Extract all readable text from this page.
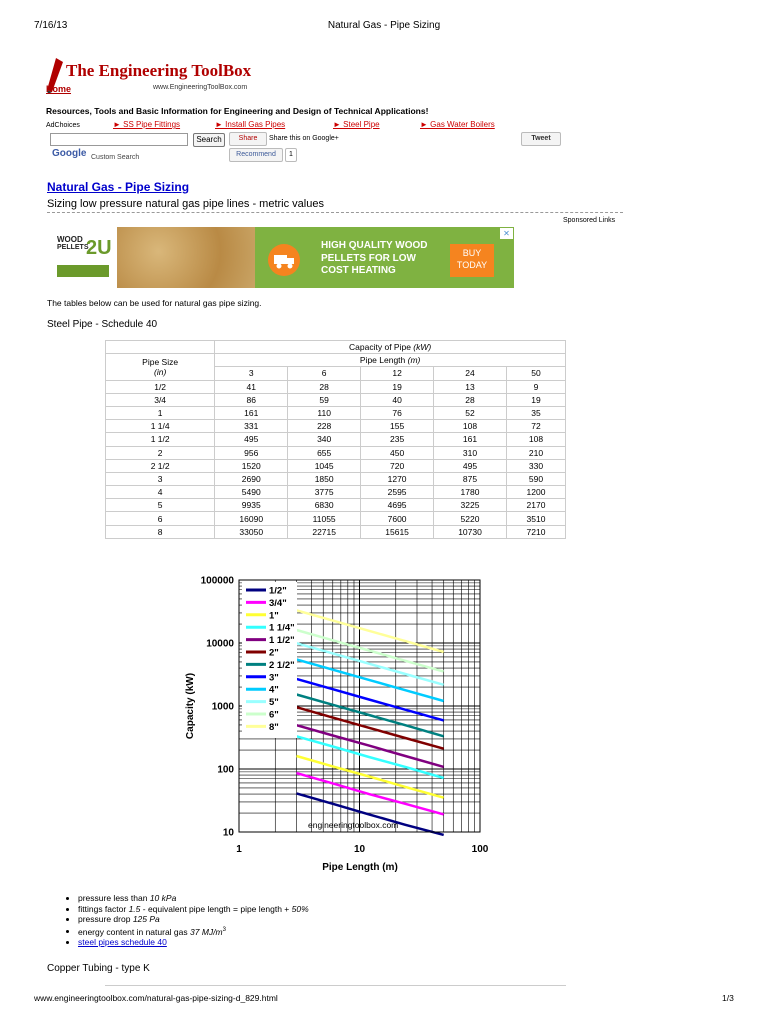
7/16/13	Natural Gas - Pipe Sizing
The Engineering ToolBox
www.EngineeringToolBox.com
Home
Resources, Tools and Basic Information for Engineering and Design of Technical Applications!
AdChoices	► SS Pipe Fittings	► Install Gas Pipes	► Steel Pipe	► Gas Water Boilers
Search
Google Custom Search
Share	Share this on Google+
Recommend	1
Tweet
Natural Gas - Pipe Sizing
Sizing low pressure natural gas pipe lines - metric values
Sponsored Links
WOOD
PELLETS
2U	HIGH QUALITY WOOD
PELLETS FOR LOW
COST HEATING
BUY
TODAY
✕
The tables below can be used for natural gas pipe sizing.
Steel Pipe - Schedule 40
	Capacity of Pipe (kW)				

Pipe Size
(in)	Pipe Length (m)				
	3	6	12	24	50
1/2	41	28	19	13	9
3/4	86	59	40	28	19
1	161	110	76	52	35
1 1/4	331	228	155	108	72
1 1/2	495	340	235	161	108
2	956	655	450	310	210
2 1/2	1520	1045	720	495	330
3	2690	1850	1270	875	590
4	5490	3775	2595	1780	1200
5	9935	6830	4695	3225	2170
6	16090	11055	7600	5220	3510
8	33050	22715	15615	10730	7210
1/2"
3/4"
1"
1 1/4"
1 1/2"
2"
2 1/2"
3"
4"
5"
6"
8"
10
100
1000
10000
100000
1	10	100
Pipe Length (m)
Capacity (kW)
engineeringtoolbox.com
• pressure less than 10 kPa
• fittings factor 1.5 - equivalent pipe length = pipe length + 50%
• pressure drop 125 Pa
• energy content in natural gas 37 $MJ/m^3$
• steel pipes schedule 40
Copper Tubing - type K
www.engineeringtoolbox.com/natural-gas-pipe-sizing-d_829.html	1/3
